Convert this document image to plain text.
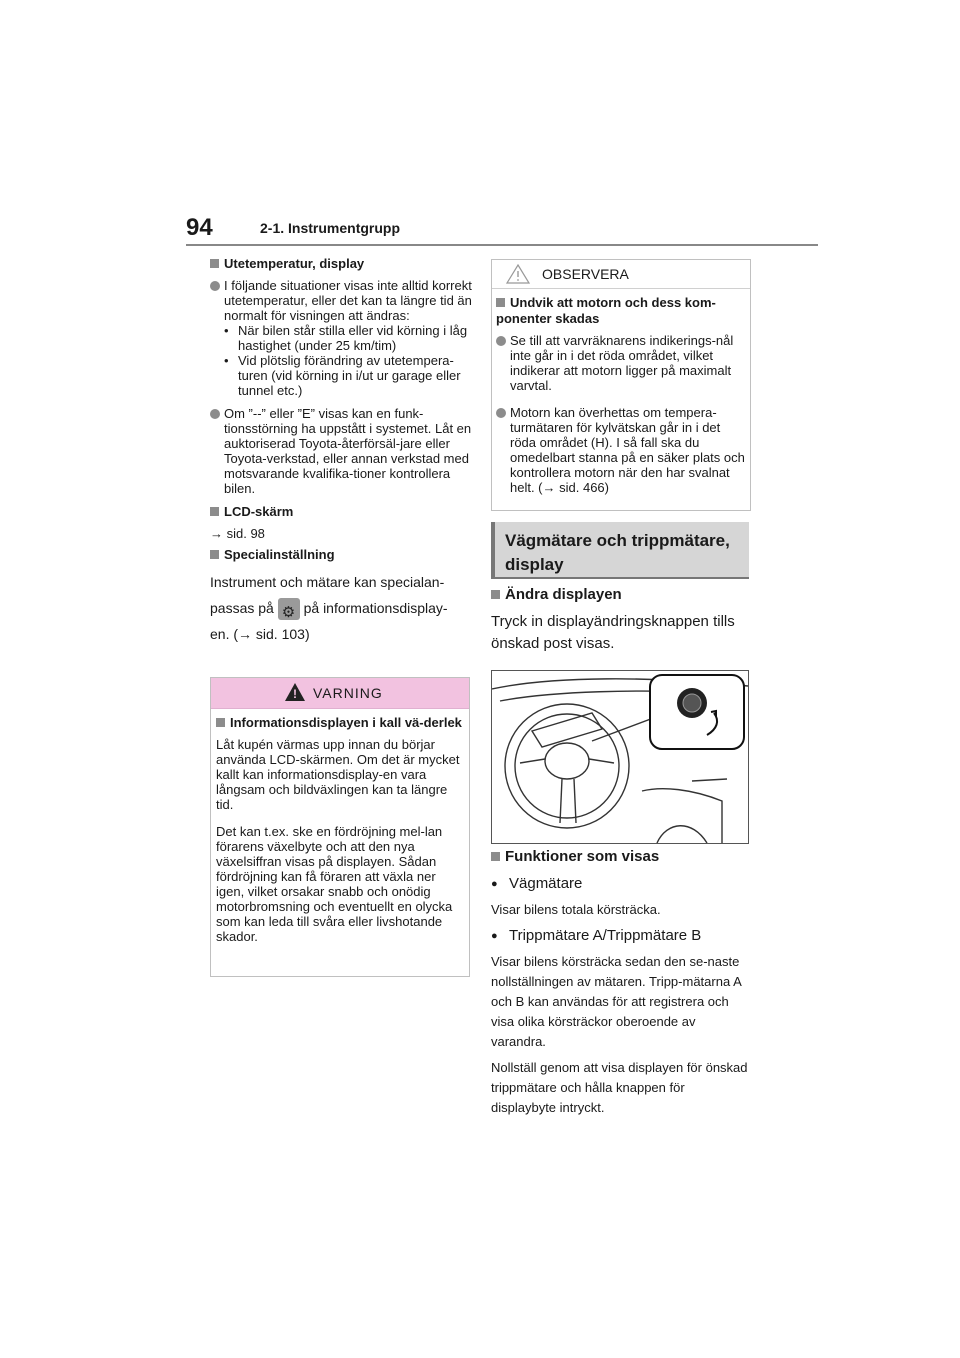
94	2-1. Instrumentgrupp
Utetemperatur, display
I följande situationer visas inte alltid korrekt utetemperatur, eller det kan ta längre tid än normalt för visningen att ändras:
• När bilen står stilla eller vid körning i låg hastighet (under 25 km/tim)
• Vid plötslig förändring av utetempera-turen (vid körning in i/ut ur garage eller tunnel etc.)
Om ”--” eller ”E” visas kan en funk-tionsstörning ha uppstått i systemet. Låt en auktoriserad Toyota-återförsäl-jare eller Toyota-verkstad, eller annan verkstad med motsvarande kvalifika-tioner kontrollera bilen.
LCD-skärm
→ sid. 98
Specialinställning
Instrument och mätare kan specialan-
passas på ⚙ på informationsdisplay-
en. (→ sid. 103)
! VARNING
Informationsdisplayen i kall vä-derlek
Låt kupén värmas upp innan du börjar använda LCD-skärmen. Om det är mycket kallt kan informationsdisplay-en vara långsam och bildväxlingen kan ta längre tid.
Det kan t.ex. ske en fördröjning mel-lan förarens växelbyte och att den nya växelsiffran visas på displayen. Sådan fördröjning kan få föraren att växla ner igen, vilket orsakar snabb och onödig motorbromsning och eventuellt en olycka som kan leda till svåra eller livshotande skador.
OBSERVERA
Undvik att motorn och dess kom-ponenter skadas
Se till att varvräknarens indikerings-nål inte går in i det röda området, vilket indikerar att motorn ligger på maximalt varvtal.
Motorn kan överhettas om tempera-turmätaren för kylvätskan går in i det röda området (H). I så fall ska du omedelbart stanna på en säker plats och kontrollera motorn när den har svalnat helt. (→ sid. 466)
Vägmätare och trippmätare, display
Ändra displayen
Tryck in displayändringsknappen tills önskad post visas.
Funktioner som visas
● Vägmätare
Visar bilens totala körsträcka.
● Trippmätare A/Trippmätare B
Visar bilens körsträcka sedan den se-naste nollställningen av mätaren. Tripp-mätarna A och B kan användas för att registrera och visa olika körsträckor oberoende av varandra.
Nollställ genom att visa displayen för önskad trippmätare och hålla knappen för displaybyte intryckt.
